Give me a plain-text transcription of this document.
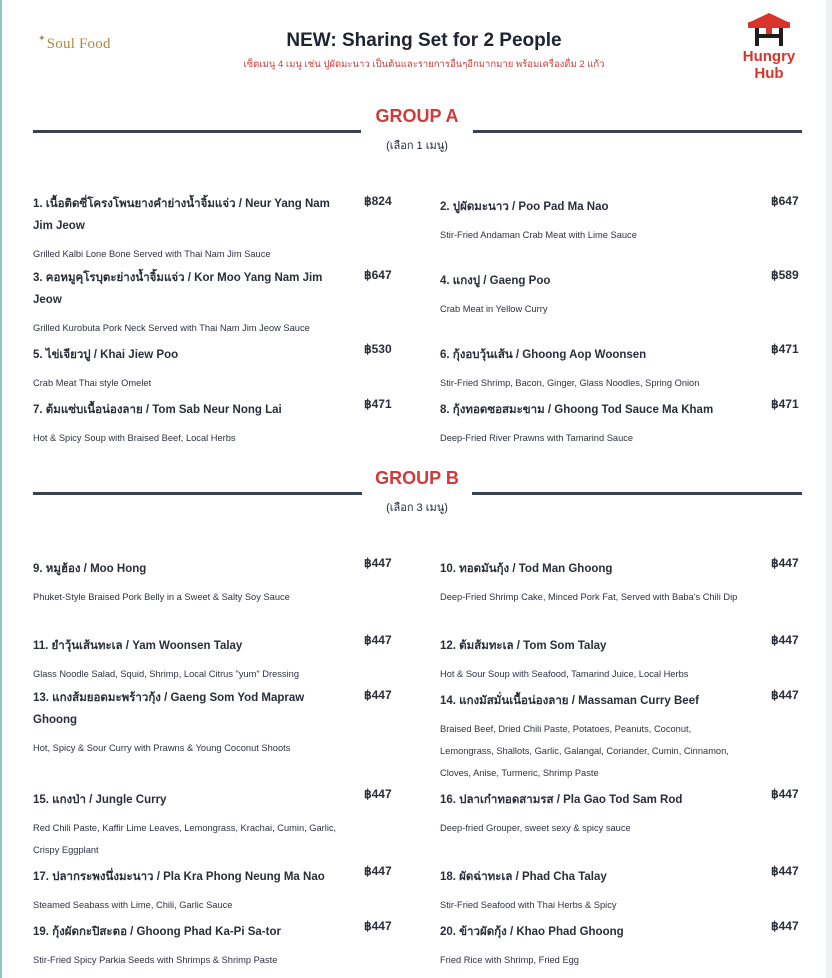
✦Soul Food	NEW: Sharing Set for 2 People
เซ็ตเมนู 4 เมนู เช่น ปูผัดมะนาว เป็นต้นและรายการอื่นๆอีกมากมาย พร้อมเครื่องดื่ม 2 แก้ว	Hungry Hub
GROUP A
(เลือก 1 เมนู)
1. เนื้อติดซี่โครงโพนยางคำย่างน้ำจิ้มแจ่ว / Neur Yang Nam Jim Jeow
Grilled Kalbi Lone Bone Served with Thai Nam Jim Sauce
฿824	2. ปูผัดมะนาว / Poo Pad Ma Nao
Stir-Fried Andaman Crab Meat with Lime Sauce
฿647
3. คอหมูคุโรบุตะย่างน้ำจิ้มแจ่ว / Kor Moo Yang Nam Jim Jeow
Grilled Kurobuta Pork Neck Served with Thai Nam Jim Jeow Sauce
฿647	4. แกงปู / Gaeng Poo
Crab Meat in Yellow Curry
฿589
5. ไข่เจียวปู / Khai Jiew Poo
Crab Meat Thai style Omelet
฿530	6. กุ้งอบวุ้นเส้น / Ghoong Aop Woonsen
Stir-Fried Shrimp, Bacon, Ginger, Glass Noodles, Spring Onion
฿471
7. ต้มแซ่บเนื้อน่องลาย / Tom Sab Neur Nong Lai
Hot & Spicy Soup with Braised Beef, Local Herbs
฿471	8. กุ้งทอดซอสมะขาม / Ghoong Tod Sauce Ma Kham
Deep-Fried River Prawns with Tamarind Sauce
฿471
GROUP B
(เลือก 3 เมนู)
9. หมูฮ้อง / Moo Hong
Phuket-Style Braised Pork Belly in a Sweet & Salty Soy Sauce
฿447	10. ทอดมันกุ้ง / Tod Man Ghoong
Deep-Fried Shrimp Cake, Minced Pork Fat, Served with Baba's Chili Dip
฿447
11. ยำวุ้นเส้นทะเล / Yam Woonsen Talay
Glass Noodle Salad, Squid, Shrimp, Local Citrus "yum" Dressing
฿447	12. ต้มส้มทะเล / Tom Som Talay
Hot & Sour Soup with Seafood, Tamarind Juice, Local Herbs
฿447
13. แกงส้มยอดมะพร้าวกุ้ง / Gaeng Som Yod Mapraw Ghoong
Hot, Spicy & Sour Curry with Prawns & Young Coconut Shoots
฿447	14. แกงมัสมั่นเนื้อน่องลาย / Massaman Curry Beef
Braised Beef, Dried Chili Paste, Potatoes, Peanuts, Coconut, Lemongrass, Shallots, Garlic, Galangal, Coriander, Cumin, Cinnamon, Cloves, Anise, Turmeric, Shrimp Paste
฿447
15. แกงป่า / Jungle Curry
Red Chili Paste, Kaffir Lime Leaves, Lemongrass, Krachai, Cumin, Garlic, Crispy Eggplant
฿447	16. ปลาเก๋าทอดสามรส / Pla Gao Tod Sam Rod
Deep-fried Grouper, sweet sexy & spicy sauce
฿447
17. ปลากระพงนึ่งมะนาว / Pla Kra Phong Neung Ma Nao
Steamed Seabass with Lime, Chili, Garlic Sauce
฿447	18. ผัดฉ่าทะเล / Phad Cha Talay
Stir-Fried Seafood with Thai Herbs & Spicy
฿447
19. กุ้งผัดกะปิสะตอ / Ghoong Phad Ka-Pi Sa-tor
Stir-Fried Spicy Parkia Seeds with Shrimps & Shrimp Paste
฿447	20. ข้าวผัดกุ้ง / Khao Phad Ghoong
Fried Rice with Shrimp, Fried Egg
฿447
